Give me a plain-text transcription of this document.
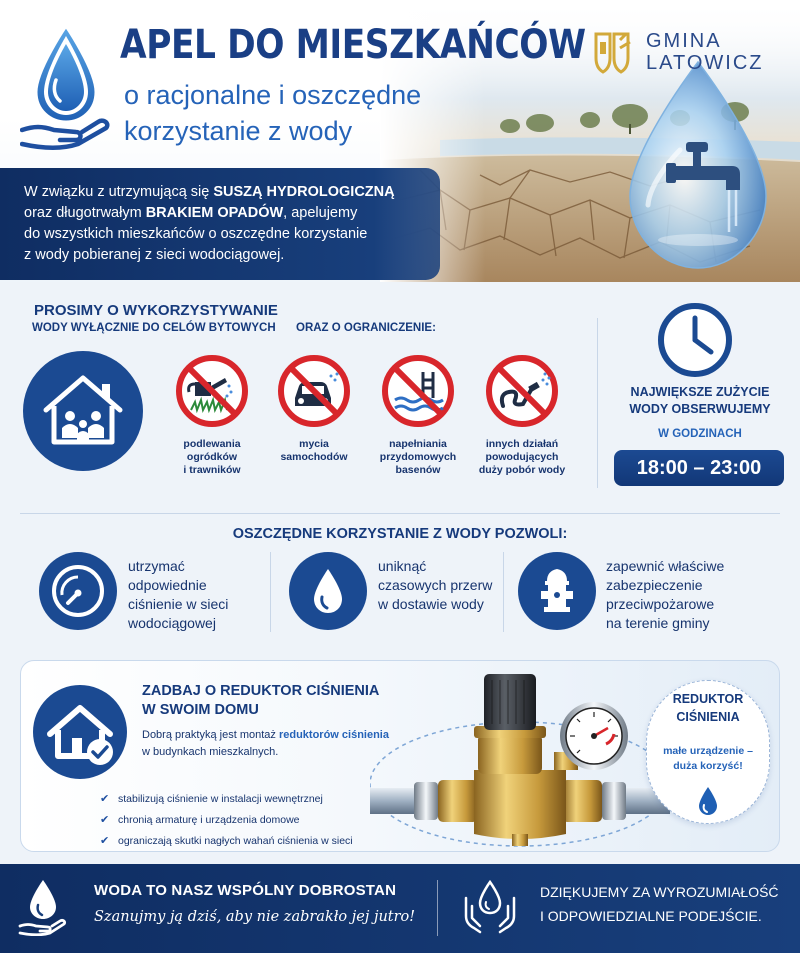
APEL DO MIESZKAŃCÓW
o racjonalne i oszczędne
korzystanie z wody
GMINA
LATOWICZ

W związku z utrzymującą się SUSZĄ HYDROLOGICZNĄ

oraz długotrwałym BRAKIEM OPADÓW, apelujemy

do wszystkich mieszkańców o oszczędne korzystanie

z wody pobieranej z sieci wodociągowej.

PROSIMY O WYKORZYSTYWANIE
WODY WYŁĄCZNIE DO CELÓW BYTOWYCH ORAZ O OGRANICZENIE:
podlewania
ogródków
i trawników
mycia
samochodów
napełniania
przydomowych
basenów
innych działań
powodujących
duży pobór wody
NAJWIĘKSZE ZUŻYCIE
WODY OBSERWUJEMY
W GODZINACH
18:00 – 23:00
OSZCZĘDNE KORZYSTANIE Z WODY POZWOLI:
utrzymać
odpowiednie
ciśnienie w sieci
wodociągowej
uniknąć
czasowych przerw
w dostawie wody
zapewnić właściwe
zabezpieczenie
przeciwpożarowe
na terenie gminy
ZADBAJ O REDUKTOR CIŚNIENIA
W SWOIM DOMU
Dobrą praktyką jest montaż reduktorów ciśnienia
w budynkach mieszkalnych.
✔ stabilizują ciśnienie w instalacji wewnętrznej
✔ chronią armaturę i urządzenia domowe
✔ ograniczają skutki nagłych wahań ciśnienia w sieci
REDUKTOR
CIŚNIENIA
małe urządzenie –
duża korzyść!
WODA TO NASZ WSPÓLNY DOBROSTAN
Szanujmy ją dziś, aby nie zabrakło jej jutro!
DZIĘKUJEMY ZA WYROZUMIAŁOŚĆ
I ODPOWIEDZIALNE PODEJŚCIE.
